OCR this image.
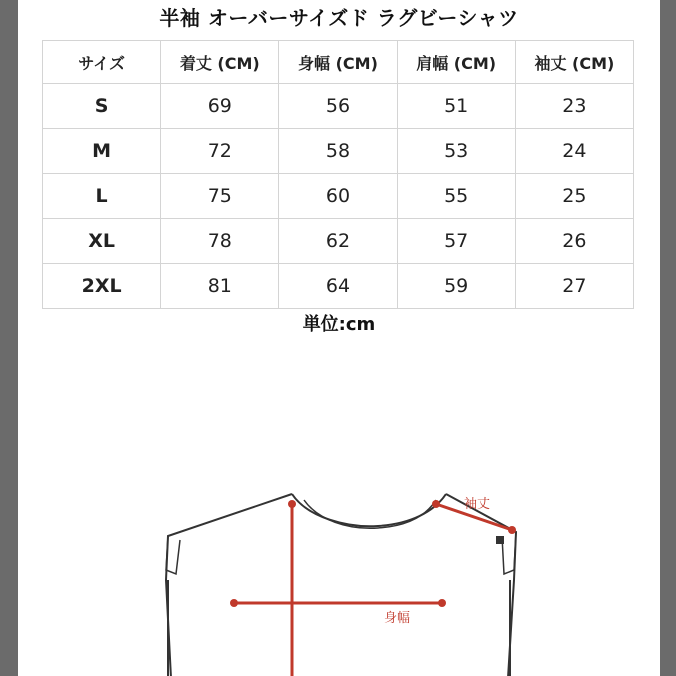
半袖 オーバーサイズド ラグビーシャツ
サイズ	着丈 (CM)	身幅 (CM)	肩幅 (CM)	袖丈 (CM)
S	69	56	51	23
M	72	58	53	24
L	75	60	55	25
XL	78	62	57	26
2XL	81	64	59	27
単位:cm
袖丈
身幅
